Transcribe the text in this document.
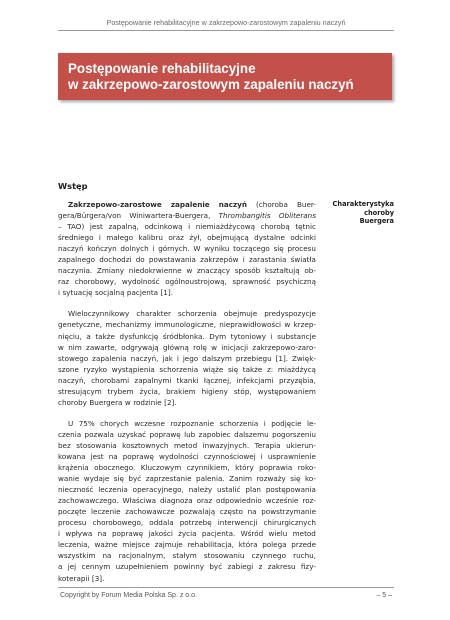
Postępowanie rehabilitacyjne w zakrzepowo-zarostowym zapaleniu naczyń
Postępowanie rehabilitacyjne
w zakrzepowo-zarostowym zapaleniu naczyń
Wstęp
Charakterystyka
choroby
Buergera
Zakrzepowo-zarostowe zapalenie naczyń (choroba Buer-
gera/Bürgera/von Winiwartera-Buergera, Thrombangitis Obliterans
– TAO) jest zapalną, odcinkową i niemiażdżycową chorobą tętnic
średniego i małego kalibru oraz żył, obejmującą dystalne odcinki
naczyń kończyn dolnych i górnych. W wyniku toczącego się procesu
zapalnego dochodzi do powstawania zakrzepów i zarastania światła
naczynia. Zmiany niedokrwienne w znaczący sposób kształtują ob-
raz chorobowy, wydolność ogólnoustrojową, sprawność psychiczną
i sytuację socjalną pacjenta [1].
Wieloczynnikowy charakter schorzenia obejmuje predyspozycje
genetyczne, mechanizmy immunologiczne, nieprawidłowości w krzep-
nięciu, a także dysfunkcję śródbłonka. Dym tytoniowy i substancje
w nim zawarte, odgrywają główną rolę w inicjacji zakrzepowo-zaro-
stowego zapalenia naczyń, jak i jego dalszym przebiegu [1]. Zwięk-
szone ryzyko wystąpienia schorzenia wiąże się także z: miażdżycą
naczyń, chorobami zapalnymi tkanki łącznej, infekcjami przyzębia,
stresującym trybem życia, brakiem higieny stóp, występowaniem
choroby Buergera w rodzinie [2].
U 75% chorych wczesne rozpoznanie schorzenia i podjęcie le-
czenia pozwala uzyskać poprawę lub zapobiec dalszemu pogorszeniu
bez stosowania kosztownych metod inwazyjnych. Terapia ukierun-
kowana jest na poprawę wydolności czynnościowej i usprawnienie
krążenia obocznego. Kluczowym czynnikiem, który poprawia roko-
wanie wydaje się być zaprzestanie palenia. Zanim rozważy się ko-
nieczność leczenia operacyjnego, należy ustalić plan postępowania
zachowawczego. Właściwa diagnoza oraz odpowiednio wcześnie roz-
poczęte leczenie zachowawcze pozwalają często na powstrzymanie
procesu chorobowego, oddala potrzebę interwencji chirurgicznych
i wpływa na poprawę jakości życia pacjenta. Wśród wielu metod
leczenia, ważne miejsce zajmuje rehabilitacja, która polega przede
wszystkim na racjonalnym, stałym stosowaniu czynnego ruchu,
a jej cennym uzupełnieniem powinny być zabiegi z zakresu fizy-
koterapii [3].
Copyright by Forum Media Polska Sp. z o.o.	– 5 –
